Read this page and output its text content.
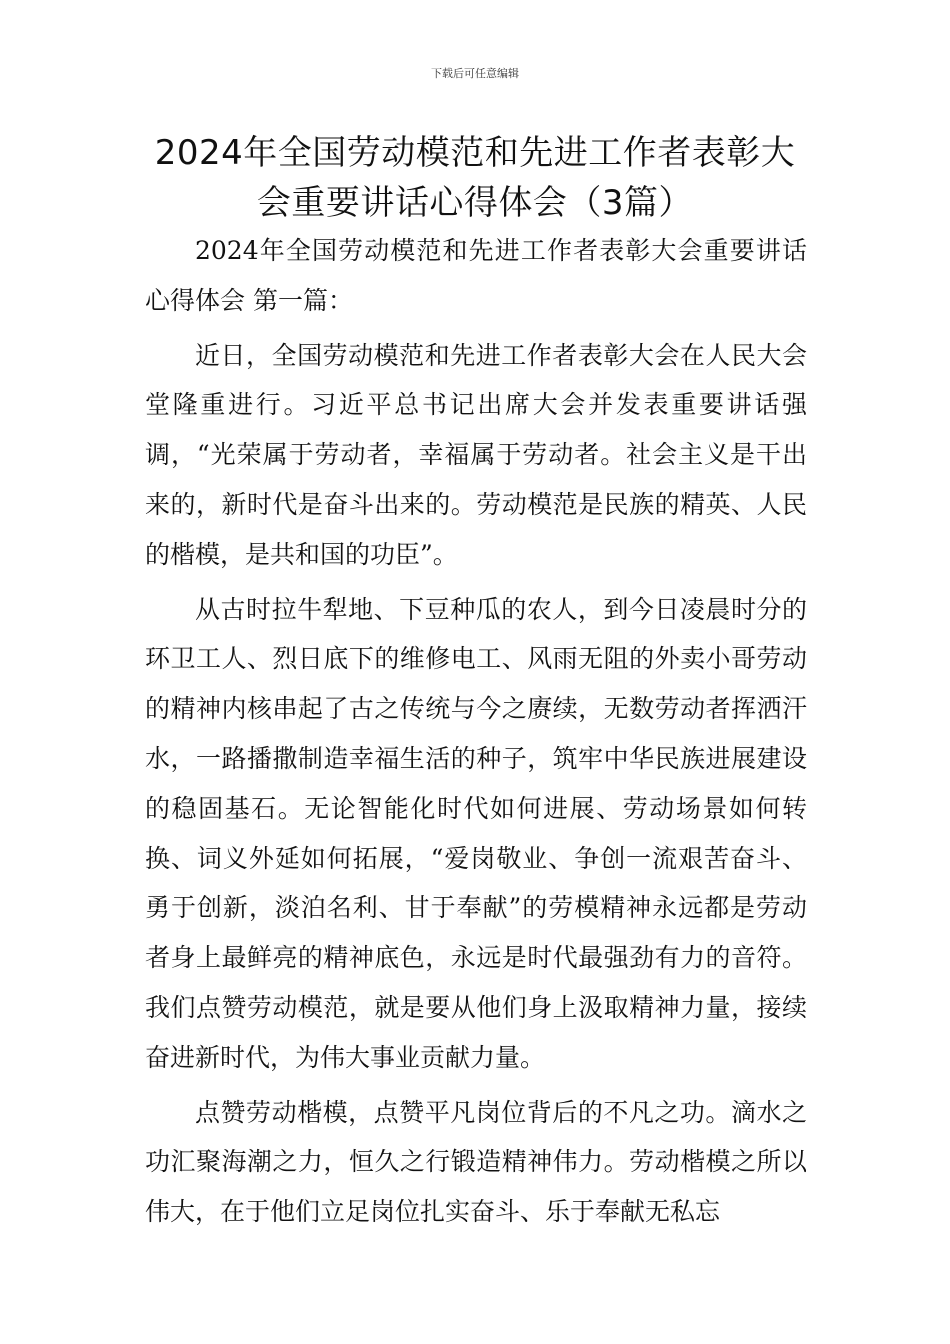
下载后可任意编辑
2024年全国劳动模范和先进工作者表彰大
会重要讲话心得体会（3篇）

2024年全国劳动模范和先进工作者表彰大会重要讲话心得体会 第一篇：

近日，全国劳动模范和先进工作者表彰大会在人民大会堂隆重进行。习近平总书记出席大会并发表重要讲话强调，“光荣属于劳动者，幸福属于劳动者。社会主义是干出来的，新时代是奋斗出来的。劳动模范是民族的精英、人民的楷模，是共和国的功臣”。

从古时拉牛犁地、下豆种瓜的农人，到今日凌晨时分的环卫工人、烈日底下的维修电工、风雨无阻的外卖小哥劳动的精神内核串起了古之传统与今之赓续，无数劳动者挥洒汗水，一路播撒制造幸福生活的种子，筑牢中华民族进展建设的稳固基石。无论智能化时代如何进展、劳动场景如何转换、词义外延如何拓展，“爱岗敬业、争创一流艰苦奋斗、勇于创新，淡泊名利、甘于奉献”的劳模精神永远都是劳动者身上最鲜亮的精神底色，永远是时代最强劲有力的音符。我们点赞劳动模范，就是要从他们身上汲取精神力量，接续奋进新时代，为伟大事业贡献力量。

点赞劳动楷模，点赞平凡岗位背后的不凡之功。滴水之功汇聚海潮之力，恒久之行锻造精神伟力。劳动楷模之所以伟大，在于他们立足岗位扎实奋斗、乐于奉献无私忘
